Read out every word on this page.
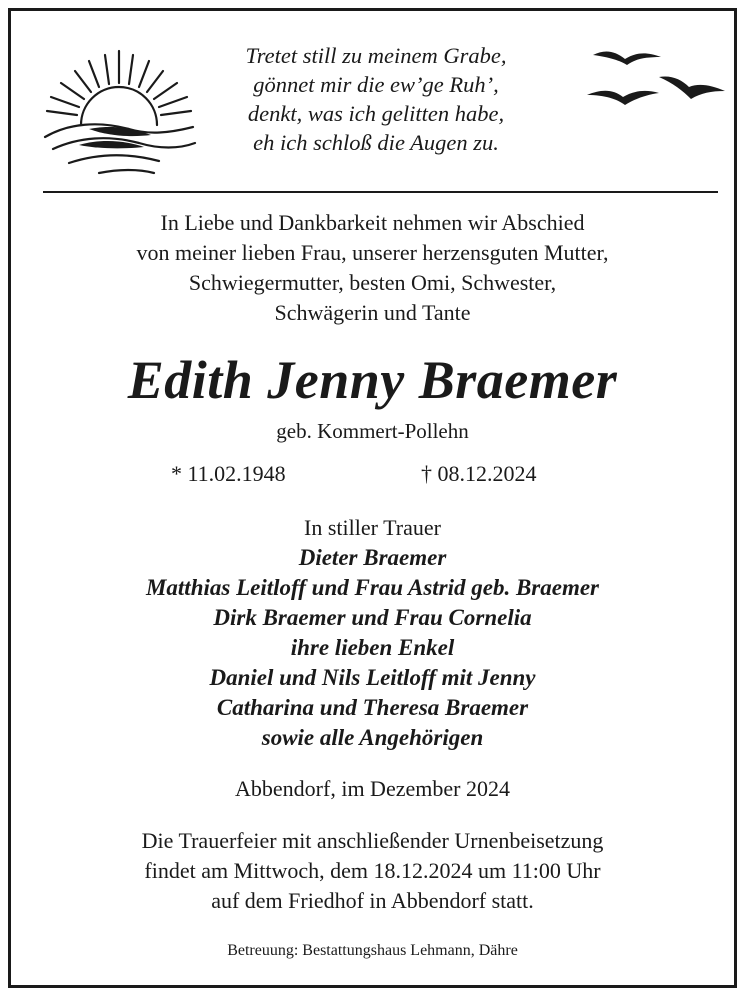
Tretet still zu meinem Grabe,
gönnet mir die ew’ge Ruh’,
denkt, was ich gelitten habe,
eh ich schloß die Augen zu.
In Liebe und Dankbarkeit nehmen wir Abschied
von meiner lieben Frau, unserer herzensguten Mutter,
Schwiegermutter, besten Omi, Schwester,
Schwägerin und Tante
Edith Jenny Braemer
geb. Kommert-Pollehn
* 11.02.1948	† 08.12.2024
In stiller Trauer
Dieter Braemer
Matthias Leitloff und Frau Astrid geb. Braemer
Dirk Braemer und Frau Cornelia
ihre lieben Enkel
Daniel und Nils Leitloff mit Jenny
Catharina und Theresa Braemer
sowie alle Angehörigen
Abbendorf, im Dezember 2024
Die Trauerfeier mit anschließender Urnenbeisetzung
findet am Mittwoch, dem 18.12.2024 um 11:00 Uhr
auf dem Friedhof in Abbendorf statt.
Betreuung: Bestattungshaus Lehmann, Dähre
